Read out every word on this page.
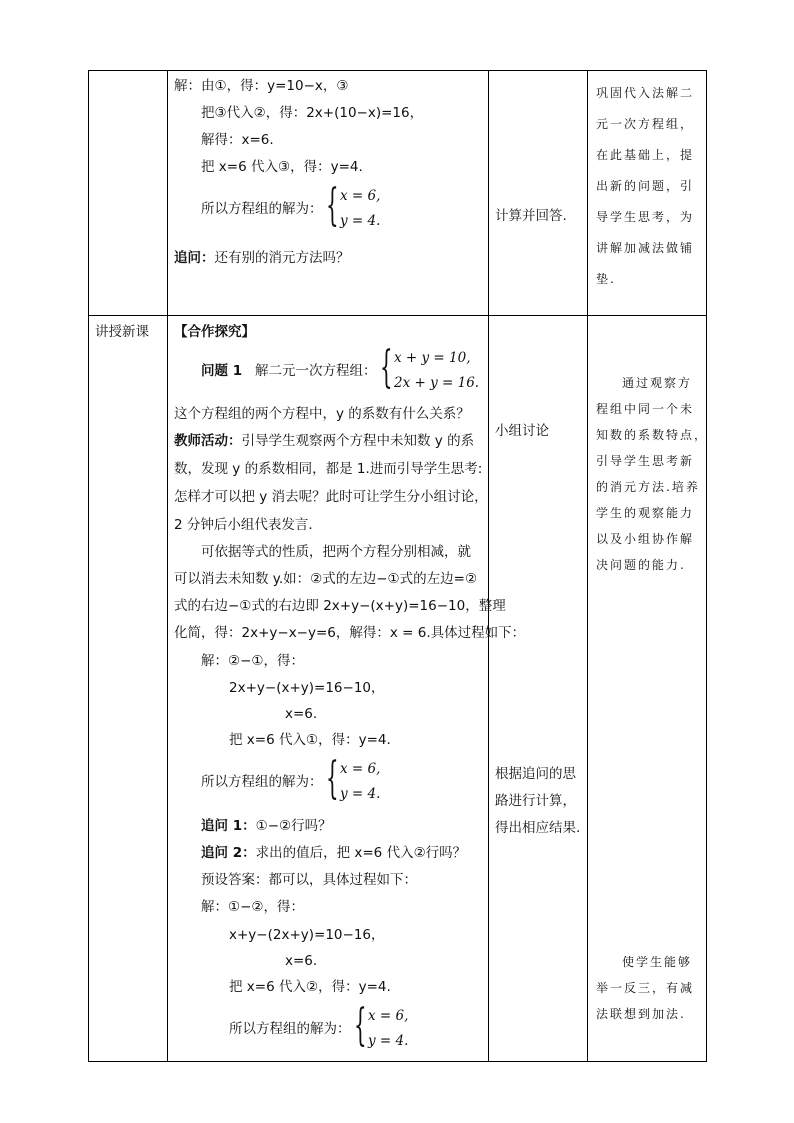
解：由①，得：y=10−x，③
把③代入②，得：2x+(10−x)=16，
解得：x=6.
把 x=6 代入③，得：y=4.
所以方程组的解为： { x = 6,
y = 4.
追问：还有别的消元方法吗？
计算并回答.
巩固代入法解二
元一次方程组，
在此基础上，提
出新的问题，引
导学生思考，为
讲解加减法做铺
垫.
讲授新课 【合作探究】
问题 1 解二元一次方程组： { x + y = 10,
2x + y = 16.
这个方程组的两个方程中，y 的系数有什么关系？
教师活动：引导学生观察两个方程中未知数 y 的系
数，发现 y 的系数相同，都是 1.进而引导学生思考:
怎样才可以把 y 消去呢？此时可让学生分小组讨论，
2 分钟后小组代表发言.
可依据等式的性质，把两个方程分别相减，就
可以消去未知数 y.如：②式的左边−①式的左边=②
式的右边−①式的右边即 2x+y−(x+y)=16−10，整理
化简，得：2x+y−x−y=6，解得：x = 6.具体过程如下：
解：②−①，得：
2x+y−(x+y)=16−10，
x=6.
把 x=6 代入①，得：y=4.
所以方程组的解为： { x = 6,
y = 4.
追问 1：①−②行吗？
追问 2：求出的值后，把 x=6 代入②行吗？
预设答案：都可以，具体过程如下：
解：①−②，得：
x+y−(2x+y)=10−16，
x=6.
把 x=6 代入②，得：y=4.
所以方程组的解为： { x = 6,
y = 4.
小组讨论
根据追问的思
路进行计算，
得出相应结果.
通过观察方
程组中同一个未
知数的系数特点，
引导学生思考新
的消元方法.培养
学生的观察能力
以及小组协作解
决问题的能力.
使学生能够
举一反三，有减
法联想到加法.
